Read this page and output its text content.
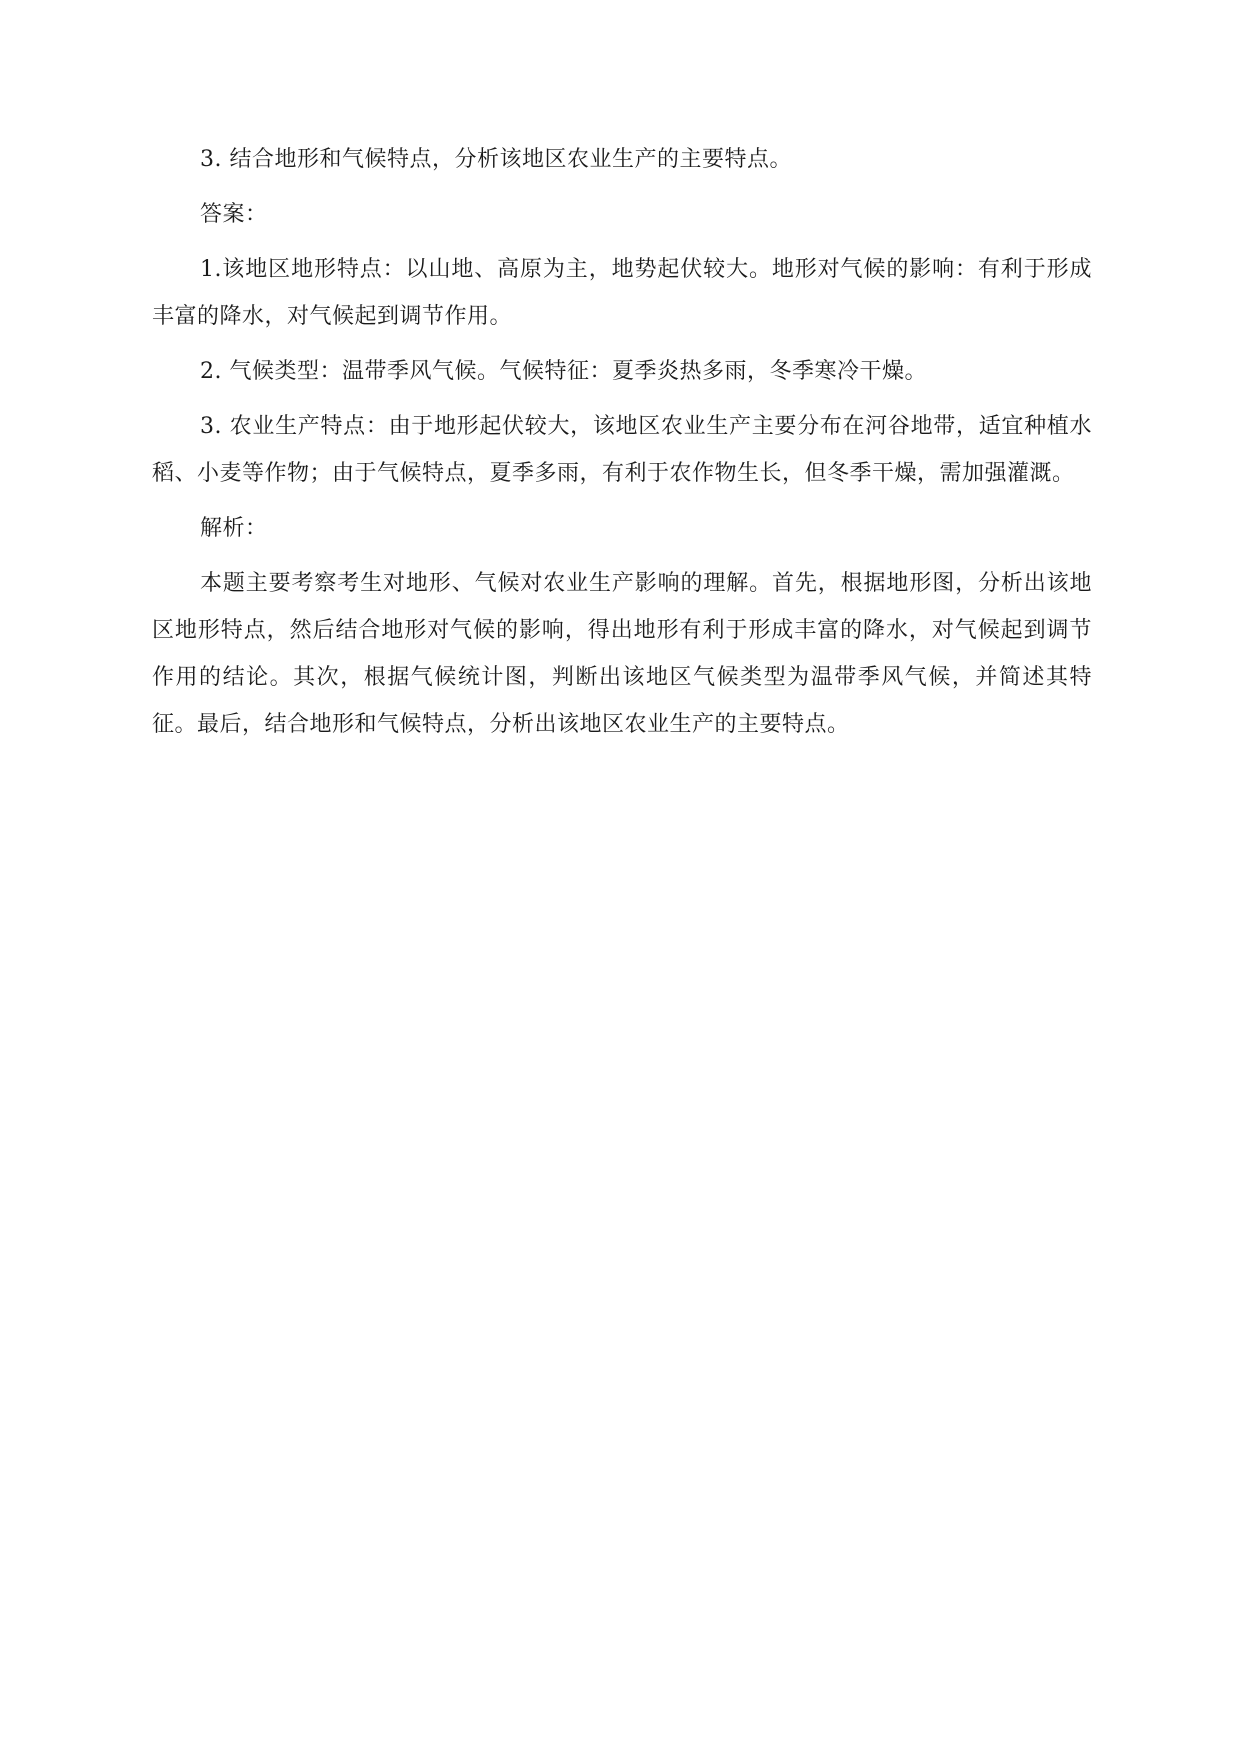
3. 结合地形和气候特点，分析该地区农业生产的主要特点。

答案：

1.该地区地形特点：以山地、高原为主，地势起伏较大。地形对气候的影响：有利于形成丰富的降水，对气候起到调节作用。

2. 气候类型：温带季风气候。气候特征：夏季炎热多雨，冬季寒冷干燥。

3. 农业生产特点：由于地形起伏较大，该地区农业生产主要分布在河谷地带，适宜种植水稻、小麦等作物；由于气候特点，夏季多雨，有利于农作物生长，但冬季干燥，需加强灌溉。

解析：

本题主要考察考生对地形、气候对农业生产影响的理解。首先，根据地形图，分析出该地区地形特点，然后结合地形对气候的影响，得出地形有利于形成丰富的降水，对气候起到调节作用的结论。其次，根据气候统计图，判断出该地区气候类型为温带季风气候，并简述其特征。最后，结合地形和气候特点，分析出该地区农业生产的主要特点。
